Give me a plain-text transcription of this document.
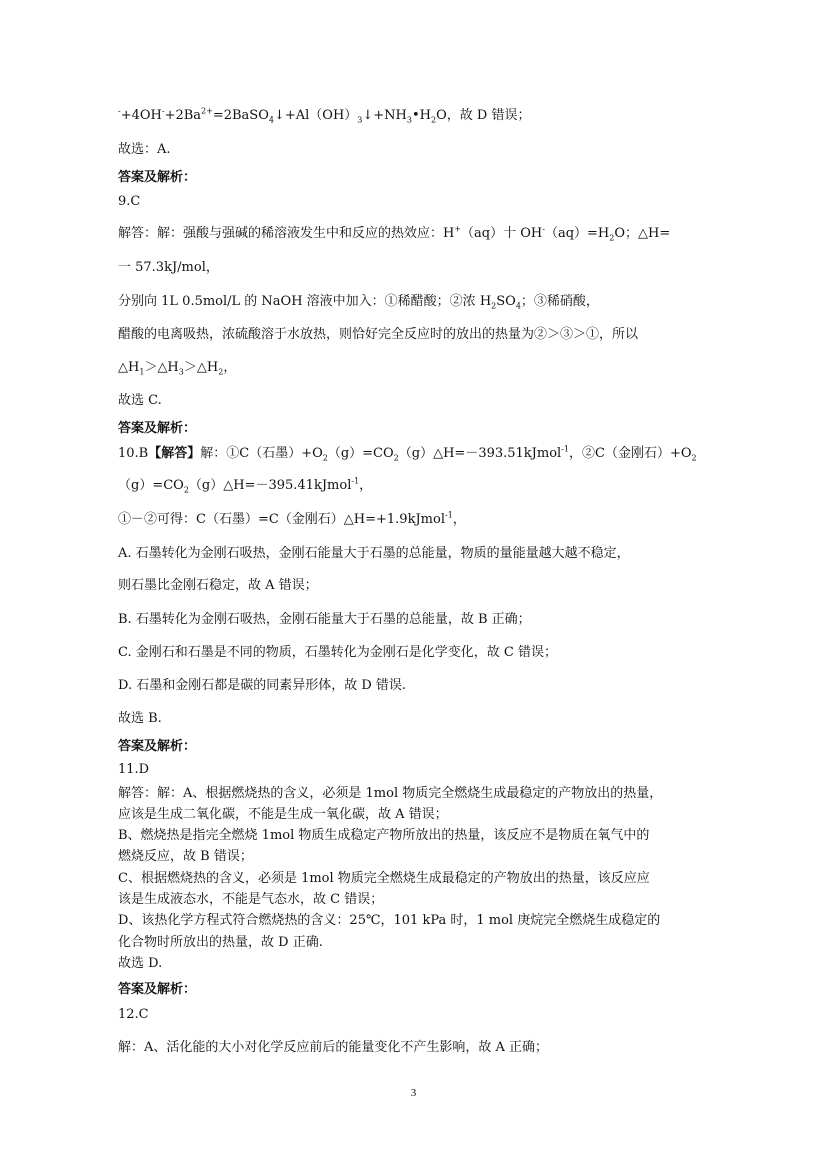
$^-+4OH^-+2Ba^{2+}=2BaSO_4↓+Al(OH)_3↓+NH_3•H_2O$，故 D 错误；
故选：A.
答案及解析：
9.C
解答：解：强酸与强碱的稀溶液发生中和反应的热效应：H+（aq）十 $OH^-(aq)=H_2O$；△H=
一 57.3kJ/mol，
分别向 1L 0.5mol/L 的 NaOH 溶液中加入：①稀醋酸；②浓 $H_2SO_4$；③稀硝酸，
醋酸的电离吸热，浓硫酸溶于水放热，则恰好完全反应时的放出的热量为②＞③＞①，所以
$\triangle H_1>\triangle H_3>\triangle H_2$，
故选 C.
答案及解析：
10.B【解答】解：①C（石墨）$+O_2(g)=CO_2(g)\triangle H=-393.51kJmol^{-1}$，②C（金刚石）$+O_2$
$(g)=CO_2(g)\triangle H=-395.41kJmol^{-1}$，
①－②可得：C（石墨）=C（金刚石）△H=+1.9kJmol$^{-1}$，
A. 石墨转化为金刚石吸热，金刚石能量大于石墨的总能量，物质的量能量越大越不稳定，
则石墨比金刚石稳定，故 A 错误；
B. 石墨转化为金刚石吸热，金刚石能量大于石墨的总能量，故 B 正确；
C. 金刚石和石墨是不同的物质，石墨转化为金刚石是化学变化，故 C 错误；
D. 石墨和金刚石都是碳的同素异形体，故 D 错误.
故选 B.
答案及解析：
11.D
解答：解：A、根据燃烧热的含义，必须是 1mol 物质完全燃烧生成最稳定的产物放出的热量，
应该是生成二氧化碳，不能是生成一氧化碳，故 A 错误；
B、燃烧热是指完全燃烧 1mol 物质生成稳定产物所放出的热量，该反应不是物质在氧气中的
燃烧反应，故 B 错误；
C、根据燃烧热的含义，必须是 1mol 物质完全燃烧生成最稳定的产物放出的热量，该反应应
该是生成液态水，不能是气态水，故 C 错误；
D、该热化学方程式符合燃烧热的含义：25℃，101 kPa 时，1 mol 庚烷完全燃烧生成稳定的
化合物时所放出的热量，故 D 正确.
故选 D.
答案及解析：
12.C
解：A、活化能的大小对化学反应前后的能量变化不产生影响，故 A 正确；
3
